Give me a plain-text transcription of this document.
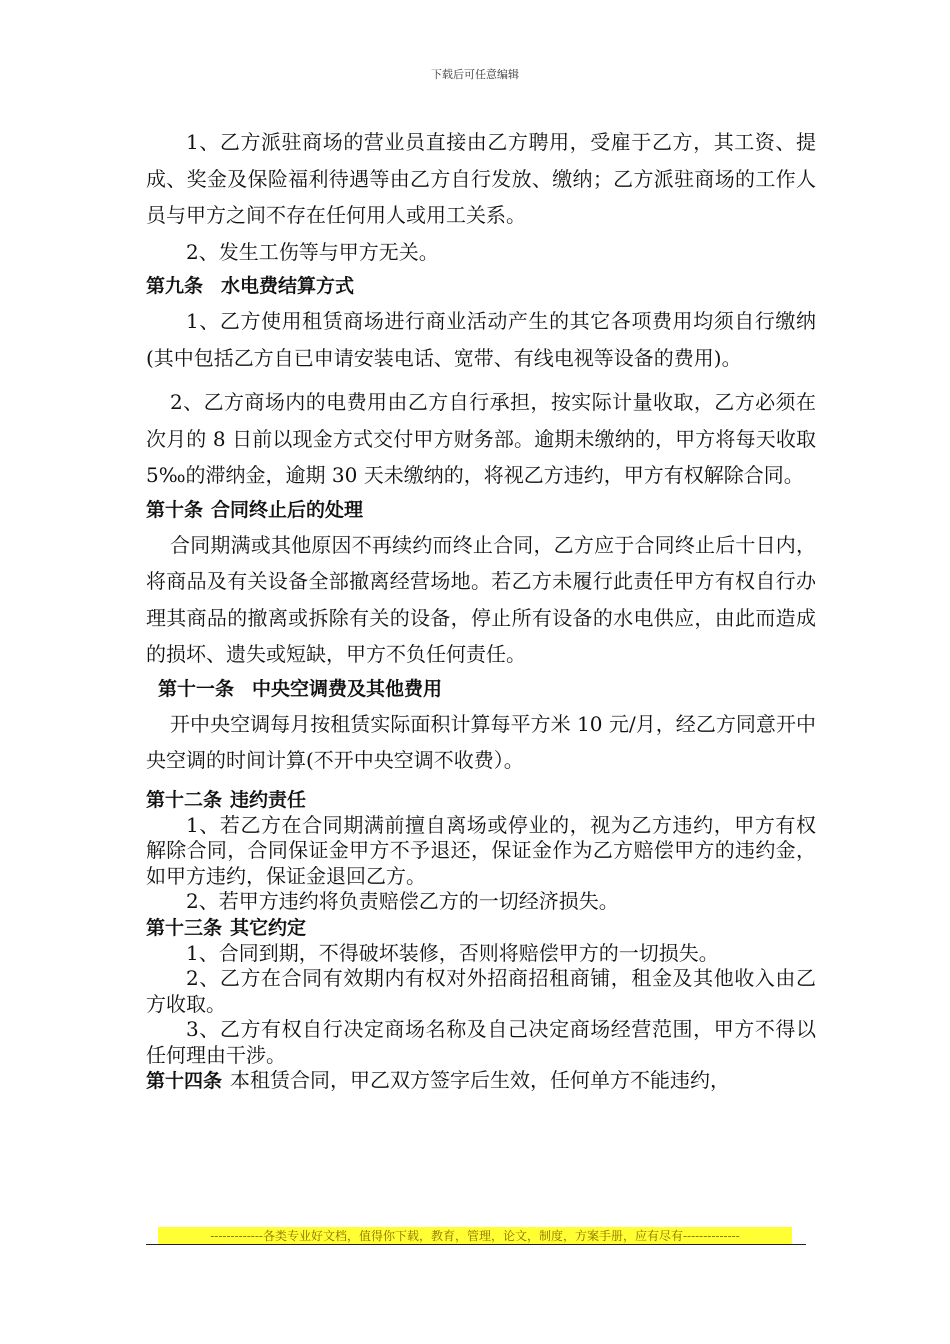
下载后可任意编辑

1、乙方派驻商场的营业员直接由乙方聘用，受雇于乙方，其工资、提成、奖金及保险福利待遇等由乙方自行发放、缴纳；乙方派驻商场的工作人员与甲方之间不存在任何用人或用工关系。

2、发生工伤等与甲方无关。

第九条 水电费结算方式

1、乙方使用租赁商场进行商业活动产生的其它各项费用均须自行缴纳(其中包括乙方自已申请安装电话、宽带、有线电视等设备的费用)。

2、乙方商场内的电费用由乙方自行承担，按实际计量收取，乙方必须在次月的 8 日前以现金方式交付甲方财务部。逾期未缴纳的，甲方将每天收取 5‰的滞纳金，逾期 30 天未缴纳的，将视乙方违约，甲方有权解除合同。

第十条 合同终止后的处理

合同期满或其他原因不再续约而终止合同，乙方应于合同终止后十日内，将商品及有关设备全部撤离经营场地。若乙方未履行此责任甲方有权自行办理其商品的撤离或拆除有关的设备，停止所有设备的水电供应，由此而造成的损坏、遗失或短缺，甲方不负任何责任。

第十一条 中央空调费及其他费用

开中央空调每月按租赁实际面积计算每平方米 10 元/月，经乙方同意开中央空调的时间计算(不开中央空调不收费）。

第十二条 违约责任

1、若乙方在合同期满前擅自离场或停业的，视为乙方违约，甲方有权解除合同，合同保证金甲方不予退还，保证金作为乙方赔偿甲方的违约金，如甲方违约，保证金退回乙方。

2、若甲方违约将负责赔偿乙方的一切经济损失。

第十三条 其它约定

1、合同到期，不得破坏装修，否则将赔偿甲方的一切损失。

2、乙方在合同有效期内有权对外招商招租商铺，租金及其他收入由乙方收取。

3、乙方有权自行决定商场名称及自己决定商场经营范围，甲方不得以任何理由干涉。

第十四条 本租赁合同，甲乙双方签字后生效，任何单方不能违约，

-------------各类专业好文档，值得你下载，教育，管理，论文，制度，方案手册，应有尽有--------------
